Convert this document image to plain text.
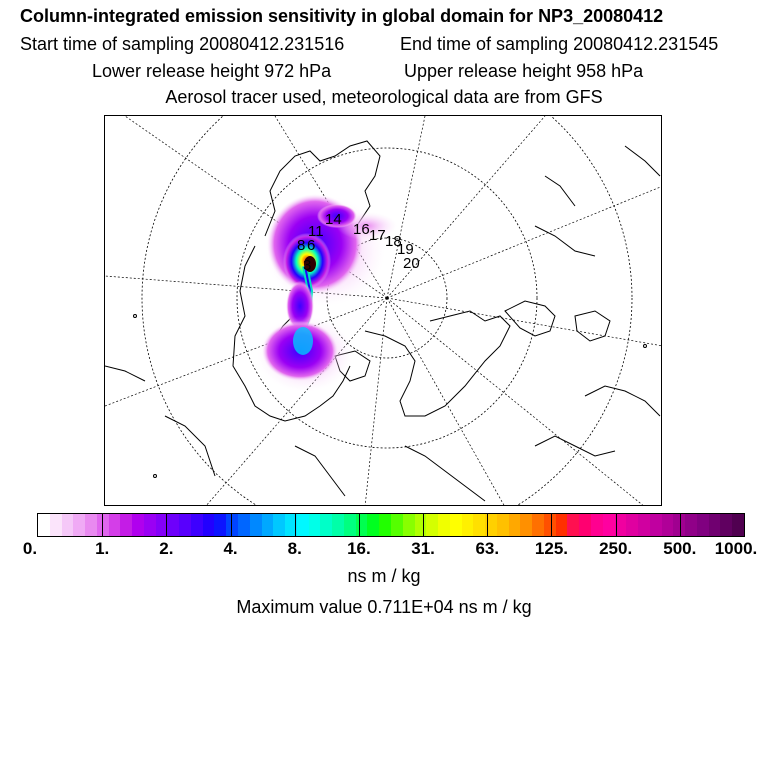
Column-integrated emission sensitivity in global domain for NP3_20080412
Start time of sampling 20080412.231516	End time of sampling 20080412.231545
Lower release height 972 hPa	Upper release height 958 hPa
Aerosol tracer used, meteorological data are from GFS
14
11 16 17 18
19
20
8 6
3
0.	1.	2.	4.	8.	16. 31. 63. 125. 250. 500. 1000.
ns m / kg
Maximum value 0.711E+04 ns m / kg
